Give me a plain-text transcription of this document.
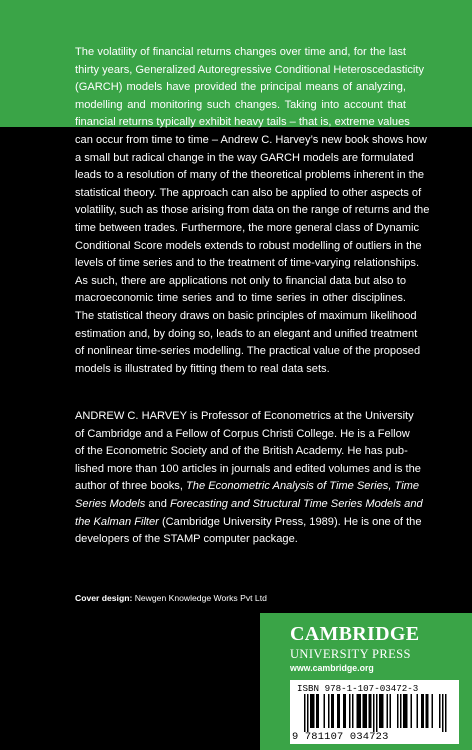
The volatility of financial returns changes over time and, for the last
thirty years, Generalized Autoregressive Conditional Heteroscedasticity
(GARCH) models have provided the principal means of analyzing,
modelling and monitoring such changes. Taking into account that
financial returns typically exhibit heavy tails – that is, extreme values
can occur from time to time – Andrew C. Harvey’s new book shows how
a small but radical change in the way GARCH models are formulated
leads to a resolution of many of the theoretical problems inherent in the
statistical theory. The approach can also be applied to other aspects of
volatility, such as those arising from data on the range of returns and the
time between trades. Furthermore, the more general class of Dynamic
Conditional Score models extends to robust modelling of outliers in the
levels of time series and to the treatment of time-varying relationships.
As such, there are applications not only to financial data but also to
macroeconomic time series and to time series in other disciplines.
The statistical theory draws on basic principles of maximum likelihood
estimation and, by doing so, leads to an elegant and unified treatment
of nonlinear time-series modelling. The practical value of the proposed
models is illustrated by fitting them to real data sets.
ANDREW C. HARVEY is Professor of Econometrics at the University
of Cambridge and a Fellow of Corpus Christi College. He is a Fellow
of the Econometric Society and of the British Academy. He has pub-
lished more than 100 articles in journals and edited volumes and is the
author of three books, The Econometric Analysis of Time Series, Time
Series Models and Forecasting and Structural Time Series Models and
the Kalman Filter (Cambridge University Press, 1989). He is one of the
developers of the STAMP computer package.
Cover design: Newgen Knowledge Works Pvt Ltd
CAMBRIDGE
UNIVERSITY PRESS
www.cambridge.org
ISBN 978-1-107-03472-3
9 781107 034723
